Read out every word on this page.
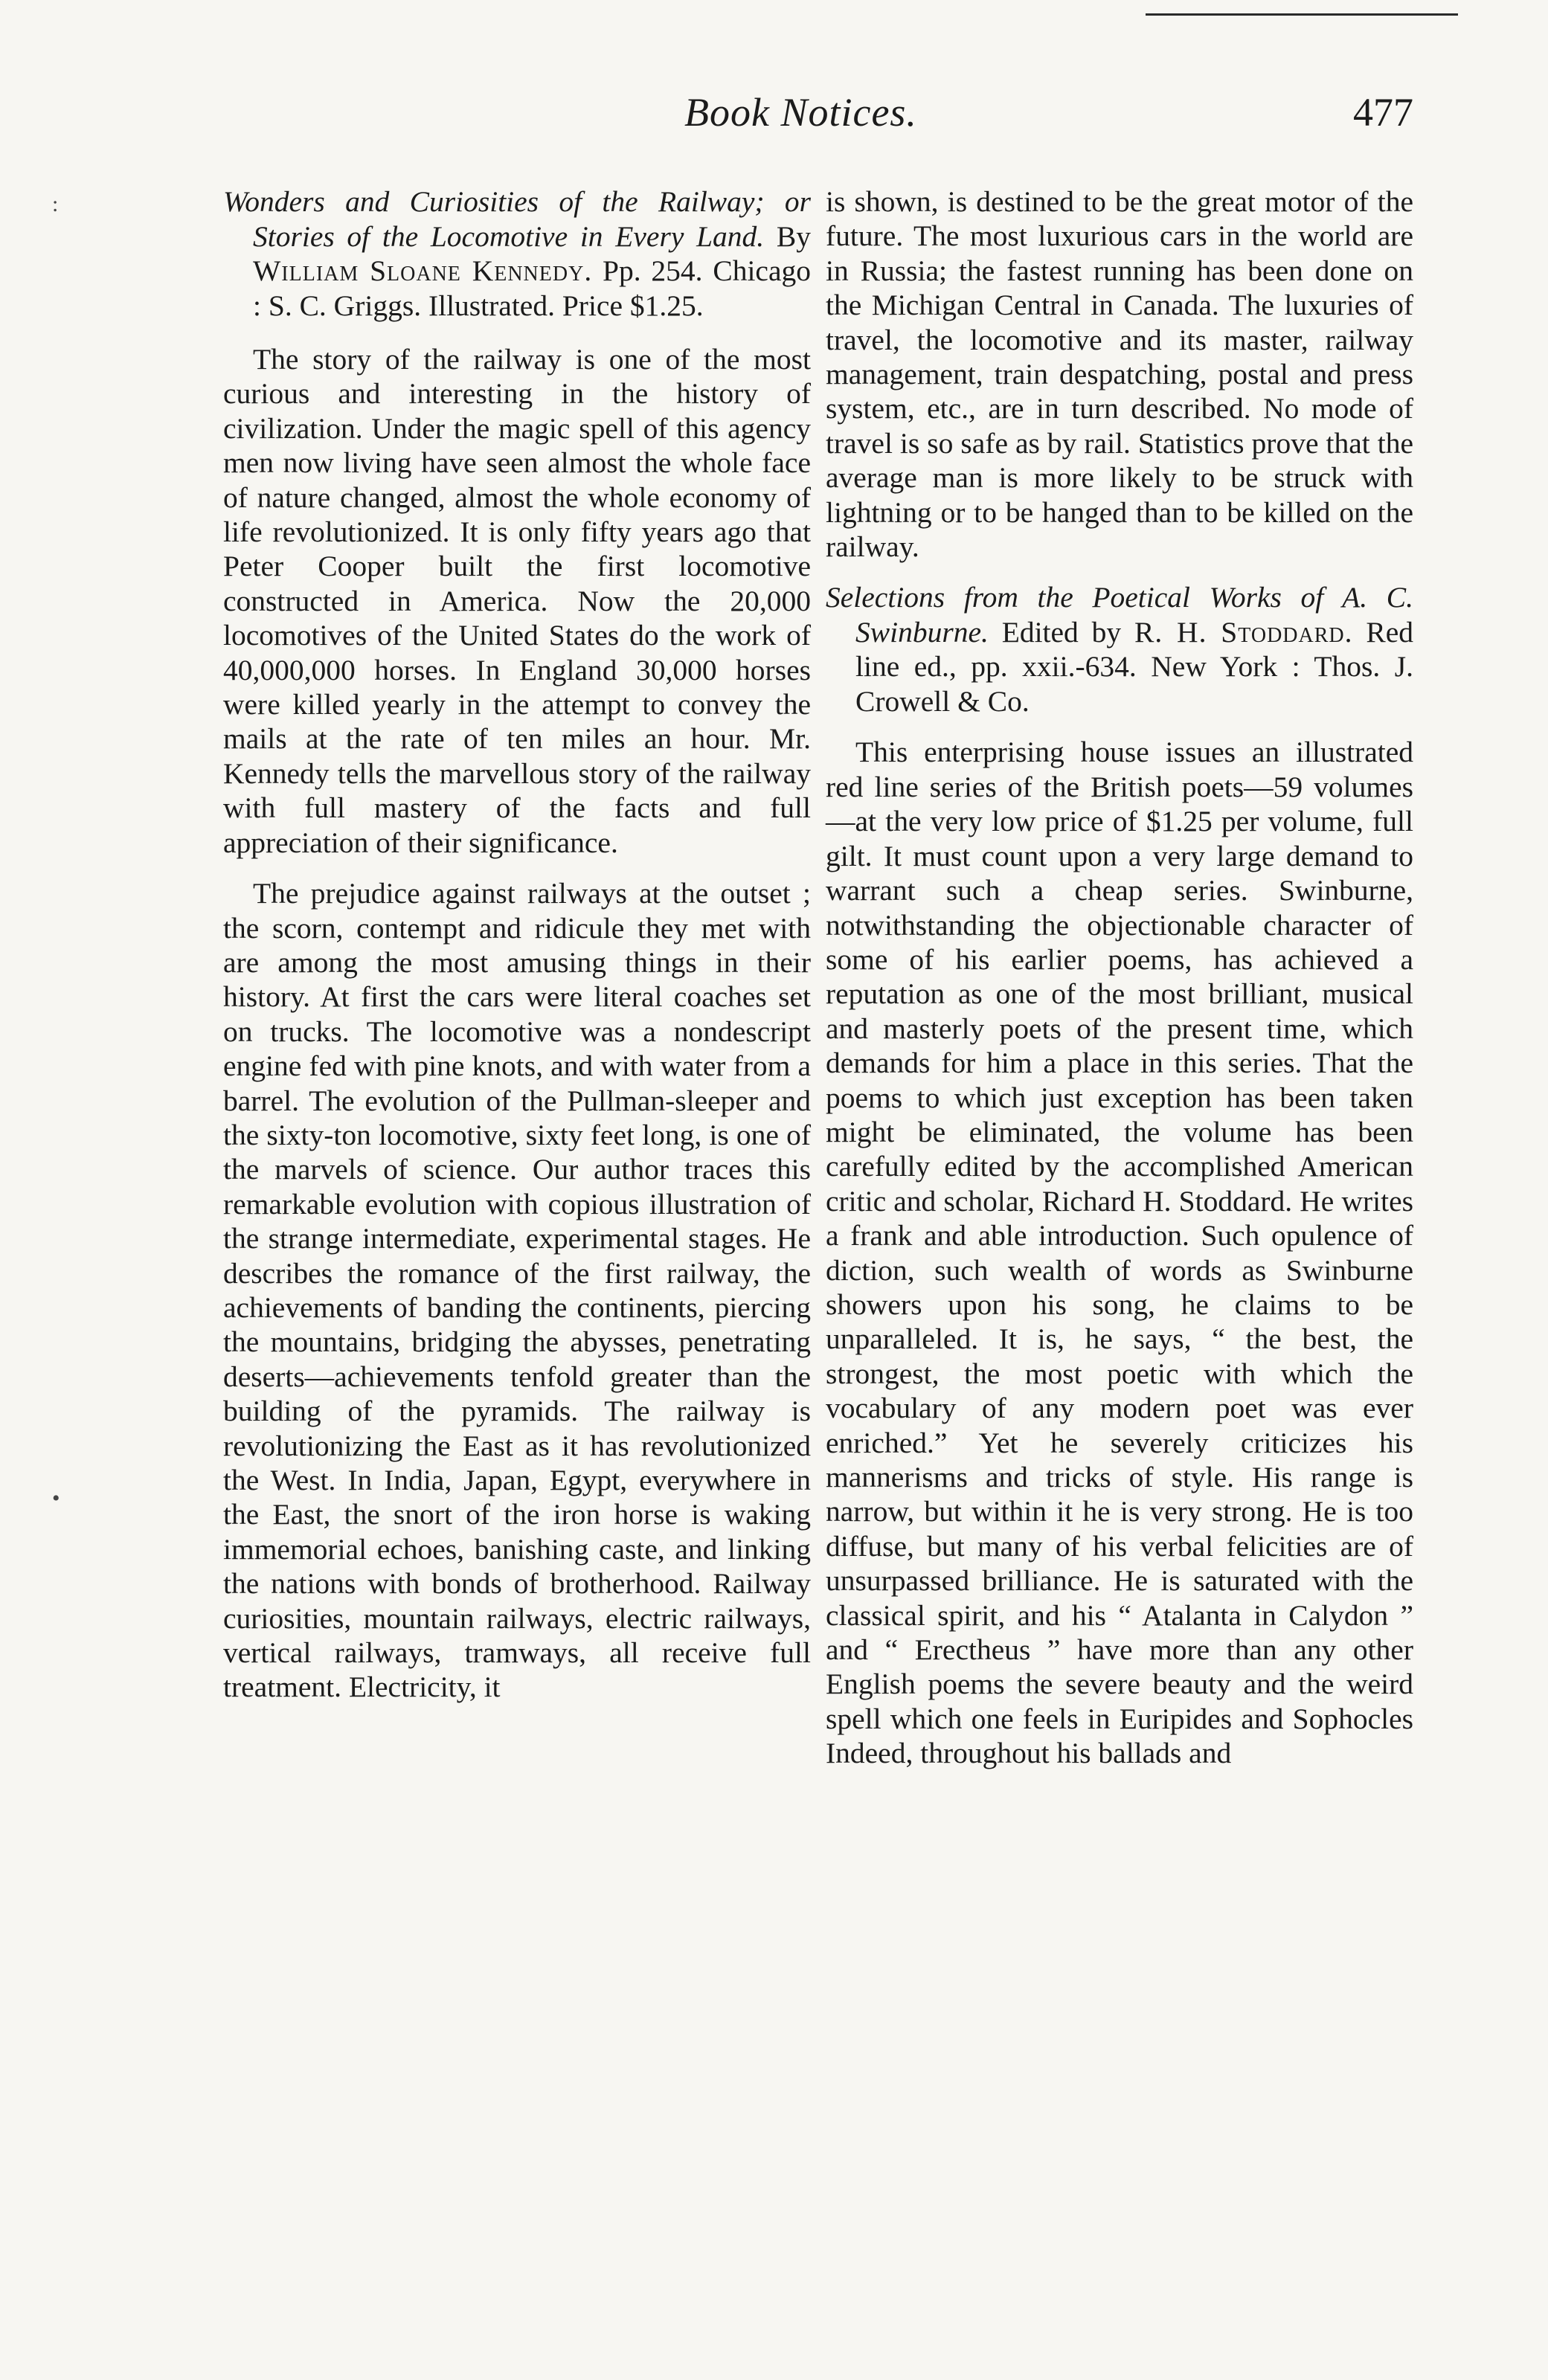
:
•
Book Notices.	477

Wonders and Curiosities of the Railway; or Stories of the Locomotive in Every Land. By William Sloane Kennedy. Pp. 254. Chicago : S. C. Griggs. Illustrated. Price $1.25.

The story of the railway is one of the most curious and interesting in the history of civilization. Under the magic spell of this agency men now living have seen almost the whole face of nature changed, almost the whole economy of life revolutionized. It is only fifty years ago that Peter Cooper built the first locomotive constructed in America. Now the 20,000 locomotives of the United States do the work of 40,000,000 horses. In England 30,000 horses were killed yearly in the attempt to convey the mails at the rate of ten miles an hour. Mr. Kennedy tells the marvellous story of the railway with full mastery of the facts and full appreciation of their significance.

The prejudice against railways at the outset ; the scorn, contempt and ridicule they met with are among the most amusing things in their history. At first the cars were literal coaches set on trucks. The locomotive was a nondescript engine fed with pine knots, and with water from a barrel. The evolution of the Pullman-sleeper and the sixty-ton locomotive, sixty feet long, is one of the marvels of science. Our author traces this remarkable evolution with copious illustration of the strange intermediate, experimental stages. He describes the romance of the first railway, the achievements of banding the continents, piercing the mountains, bridging the abysses, penetrating deserts—achievements tenfold greater than the building of the pyramids. The railway is revolutionizing the East as it has revolutionized the West. In India, Japan, Egypt, everywhere in the East, the snort of the iron horse is waking immemorial echoes, banishing caste, and linking the nations with bonds of brotherhood. Railway curiosities, mountain railways, electric railways, vertical railways, tramways, all receive full treatment. Electricity, it

is shown, is destined to be the great motor of the future. The most luxurious cars in the world are in Russia; the fastest running has been done on the Michigan Central in Canada. The luxuries of travel, the locomotive and its master, railway management, train despatching, postal and press system, etc., are in turn described. No mode of travel is so safe as by rail. Statistics prove that the average man is more likely to be struck with lightning or to be hanged than to be killed on the railway.

Selections from the Poetical Works of A. C. Swinburne. Edited by R. H. Stoddard. Red line ed., pp. xxii.-634. New York : Thos. J. Crowell & Co.

This enterprising house issues an illustrated red line series of the British poets—59 volumes—at the very low price of $1.25 per volume, full gilt. It must count upon a very large demand to warrant such a cheap series. Swinburne, notwithstanding the objectionable character of some of his earlier poems, has achieved a reputation as one of the most brilliant, musical and masterly poets of the present time, which demands for him a place in this series. That the poems to which just exception has been taken might be eliminated, the volume has been carefully edited by the accomplished American critic and scholar, Richard H. Stoddard. He writes a frank and able introduction. Such opulence of diction, such wealth of words as Swinburne showers upon his song, he claims to be unparalleled. It is, he says, “ the best, the strongest, the most poetic with which the vocabulary of any modern poet was ever enriched.” Yet he severely criticizes his mannerisms and tricks of style. His range is narrow, but within it he is very strong. He is too diffuse, but many of his verbal felicities are of unsurpassed brilliance. He is saturated with the classical spirit, and his “ Atalanta in Calydon ” and “ Erectheus ” have more than any other English poems the severe beauty and the weird spell which one feels in Euripides and Sophocles Indeed, throughout his ballads and
